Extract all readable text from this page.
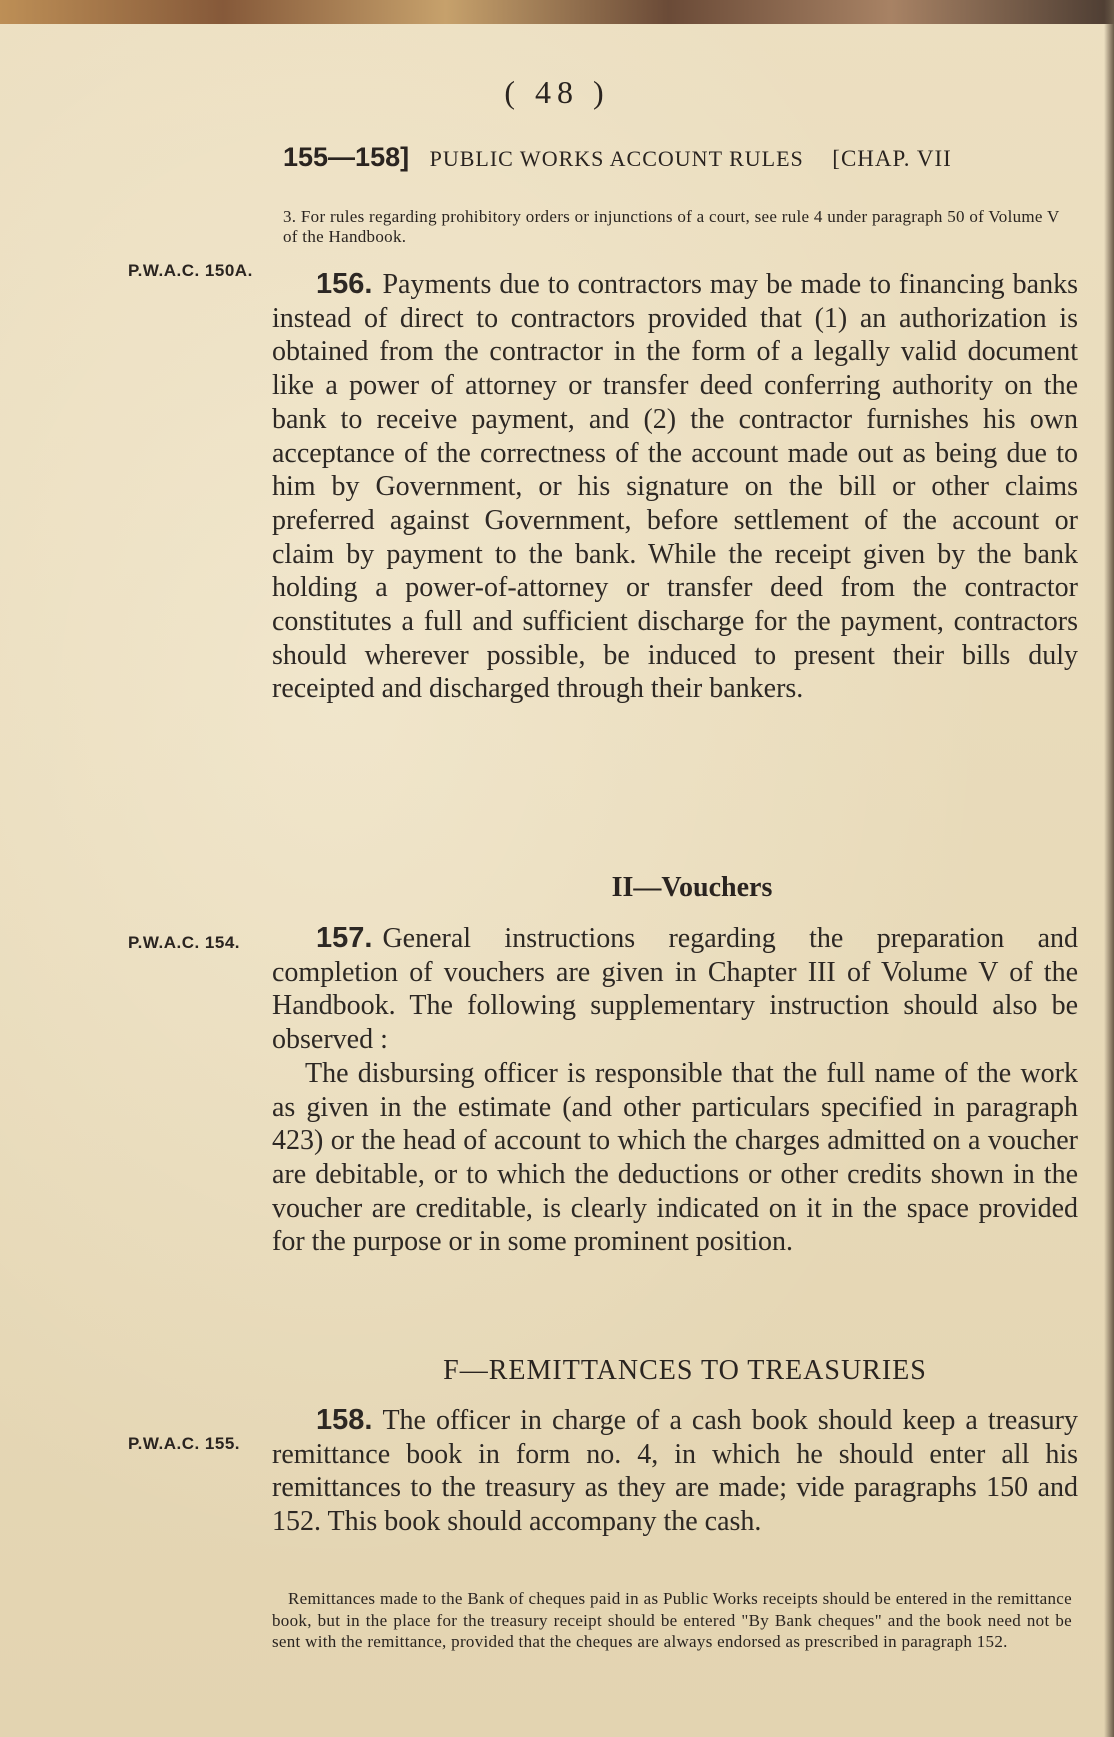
( 48 )
155—158] PUBLIC WORKS ACCOUNT RULES [CHAP. VII
3. For rules regarding prohibitory orders or injunctions of a court, see rule 4 under paragraph 50 of Volume V of the Handbook.
P.W.A.C. 150A.	156. Payments due to contractors may be made to financing banks instead of direct to contractors provided that (1) an authorization is obtained from the contractor in the form of a legally valid document like a power of attorney or transfer deed conferring authority on the bank to receive payment, and (2) the contractor furnishes his own acceptance of the correctness of the account made out as being due to him by Government, or his signature on the bill or other claims preferred against Government, before settlement of the account or claim by payment to the bank. While the receipt given by the bank holding a power-of-attorney or transfer deed from the contractor constitutes a full and sufficient discharge for the payment, contractors should wherever possible, be induced to present their bills duly receipted and discharged through their bankers.
II—Vouchers
P.W.A.C. 154.	157. General instructions regarding the preparation and completion of vouchers are given in Chapter III of Volume V of the Handbook. The following supplementary instruction should also be observed :
The disbursing officer is responsible that the full name of the work as given in the estimate (and other particulars specified in paragraph 423) or the head of account to which the charges admitted on a voucher are debitable, or to which the deductions or other credits shown in the voucher are creditable, is clearly indicated on it in the space provided for the purpose or in some prominent position.
F—REMITTANCES TO TREASURIES
P.W.A.C. 155.
158. The officer in charge of a cash book should keep a treasury remittance book in form no. 4, in which he should enter all his remittances to the treasury as they are made; vide paragraphs 150 and 152. This book should accompany the cash.
Remittances made to the Bank of cheques paid in as Public Works receipts should be entered in the remittance book, but in the place for the treasury receipt should be entered "By Bank cheques" and the book need not be sent with the remittance, provided that the cheques are always endorsed as prescribed in paragraph 152.
